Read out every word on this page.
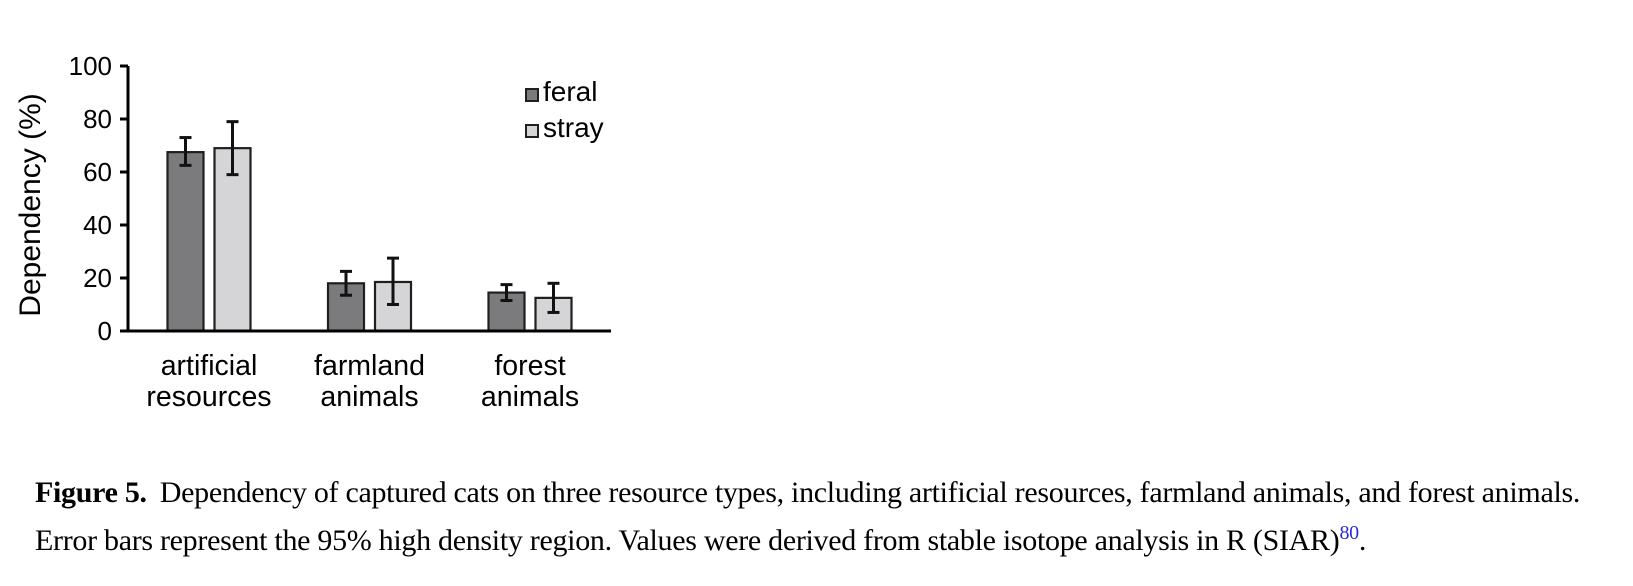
0
20
40
60
80
100
Dependency (%)
artificial
resources
farmland
animals
forest
animals
feral
stray

Figure 5. Dependency of captured cats on three resource types, including artificial resources, farmland animals, and forest animals. Error bars represent the 95% high density region. Values were derived from stable isotope analysis in R (SIAR)$^{80}$.
